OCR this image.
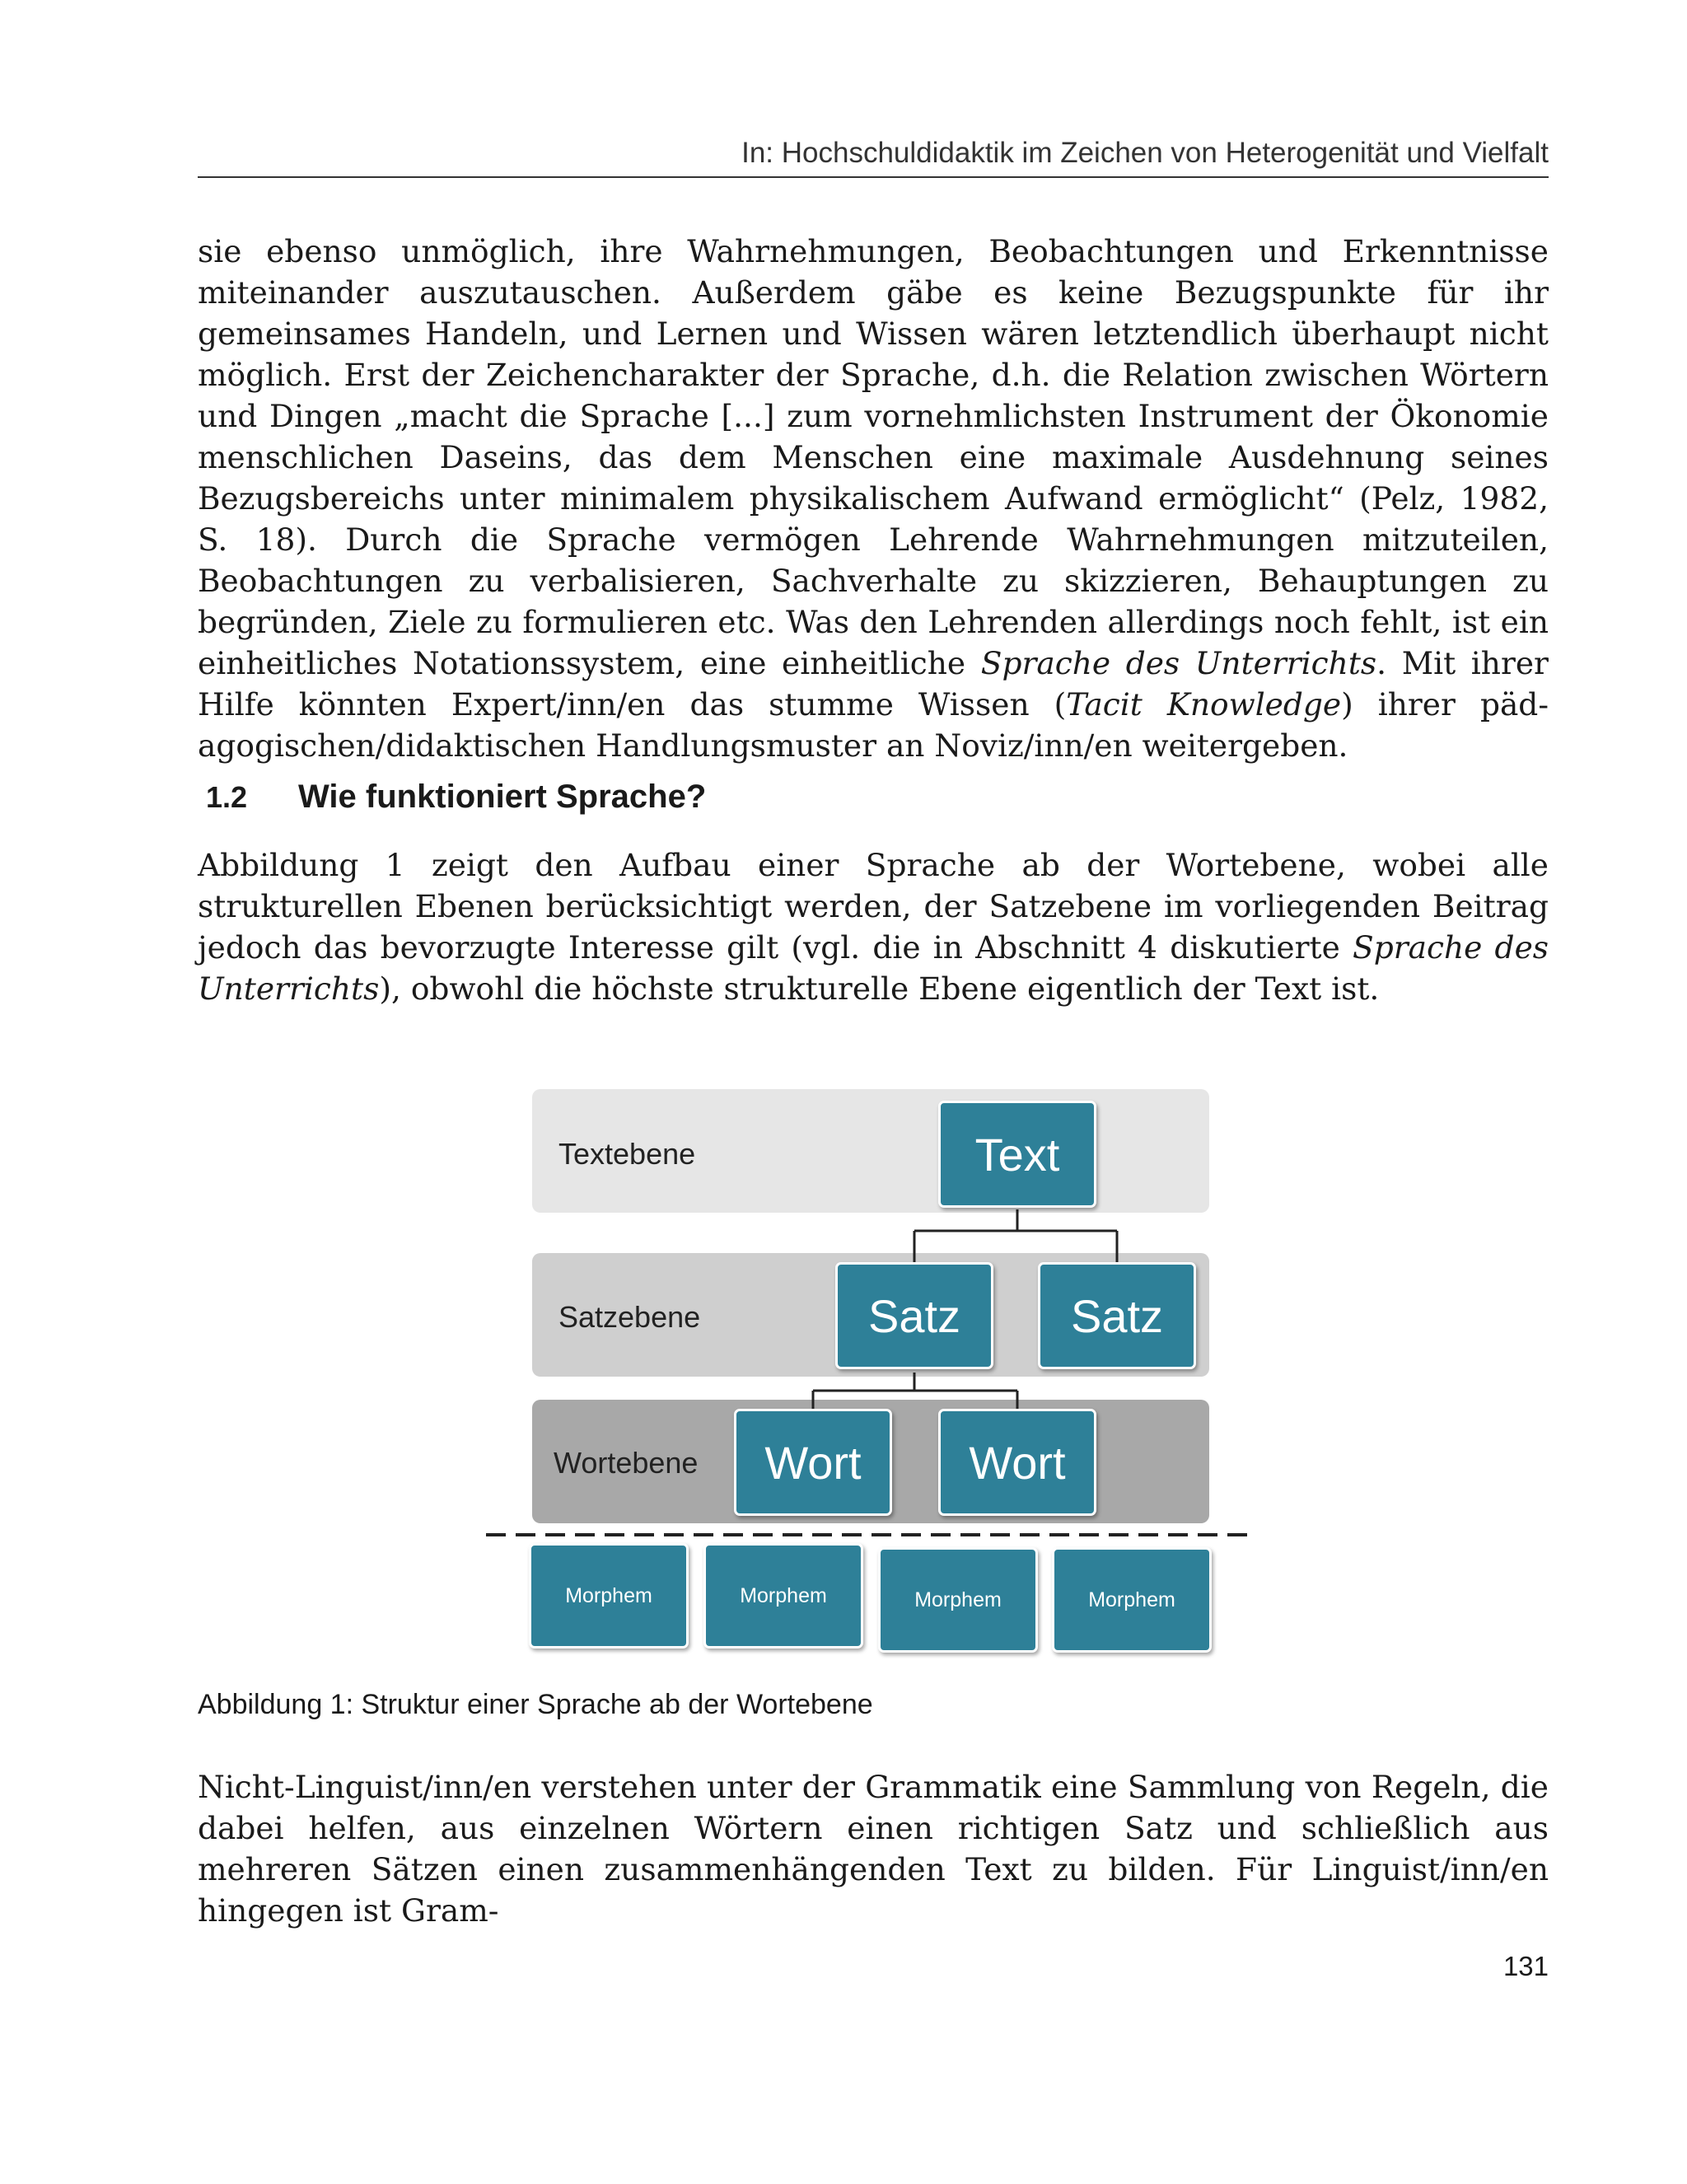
In: Hochschuldidaktik im Zeichen von Heterogenität und Vielfalt
sie ebenso unmöglich, ihre Wahrnehmungen, Beobachtungen und Erkenntnisse miteinander auszutauschen. Außerdem gäbe es keine Bezugspunkte für ihr gemeinsames Handeln, und Lernen und Wissen wären letztendlich überhaupt nicht möglich. Erst der Zeichencharakter der Sprache, d.h. die Relation zwischen Wörtern und Dingen „macht die Sprache [...] zum vornehmlichsten Instrument der Ökonomie menschlichen Daseins, das dem Menschen eine maximale Ausdehnung seines Bezugsbereichs unter minimalem physikalischem Aufwand ermöglicht“ (Pelz, 1982, S. 18). Durch die Sprache vermögen Lehrende Wahrnehmungen mitzuteilen, Beobachtungen zu verbalisieren, Sachverhalte zu skizzieren, Behauptungen zu begründen, Ziele zu formulieren etc. Was den Lehrenden allerdings noch fehlt, ist ein einheitliches Notationssystem, eine einheitliche Sprache des Unterrichts. Mit ihrer Hilfe könnten Expert/inn/en das stumme Wissen (Tacit Knowledge) ihrer pädagogischen/didaktischen Handlungsmuster an Noviz/inn/en weitergeben.
1.2 Wie funktioniert Sprache?
Abbildung 1 zeigt den Aufbau einer Sprache ab der Wortebene, wobei alle strukturellen Ebenen berücksichtigt werden, der Satzebene im vorliegenden Beitrag jedoch das bevorzugte Interesse gilt (vgl. die in Abschnitt 4 diskutierte Sprache des Unterrichts), obwohl die höchste strukturelle Ebene eigentlich der Text ist.
Textebene
Satzebene
Wortebene
Text
Satz	Satz
Wort	Wort
Morphem	Morphem	Morphem	Morphem
Abbildung 1: Struktur einer Sprache ab der Wortebene
Nicht-Linguist/inn/en verstehen unter der Grammatik eine Sammlung von Regeln, die dabei helfen, aus einzelnen Wörtern einen richtigen Satz und schließlich aus mehreren Sätzen einen zusammenhängenden Text zu bilden. Für Linguist/inn/en hingegen ist Gram-
131
